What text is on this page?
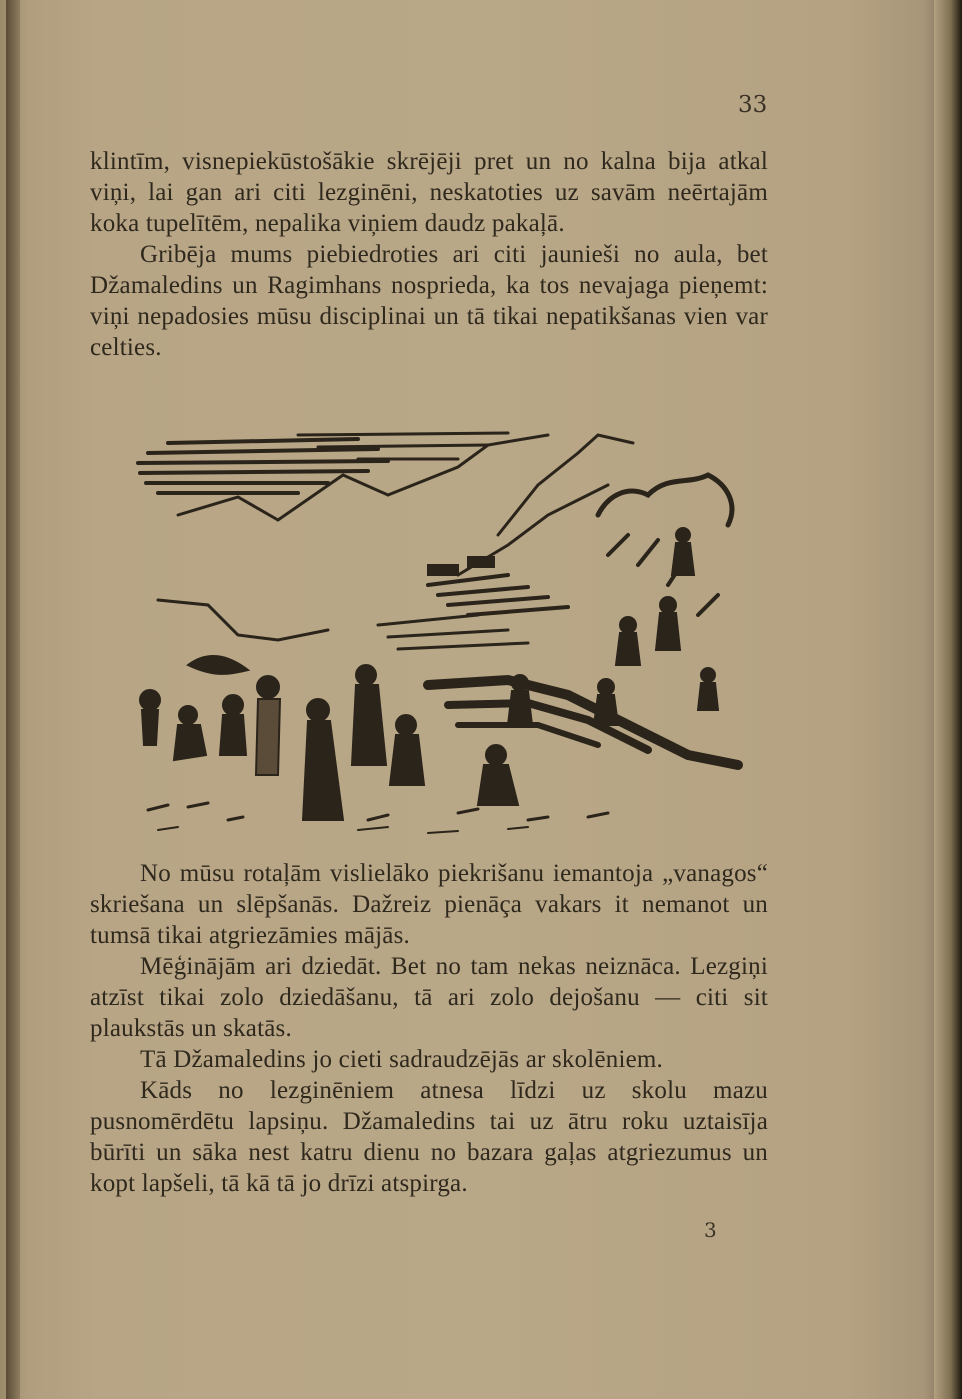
33

klintīm, visnepiekūstošākie skrējēji pret un no kalna bija atkal viņi, lai gan ari citi lezginēni, neskatoties uz savām neērtajām koka tupelītēm, nepalika viņiem daudz pakaļā.

Gribēja mums piebiedroties ari citi jaunieši no aula, bet Džamaledins un Ragimhans nosprieda, ka tos nevajaga pieņemt: viņi nepadosies mūsu disciplinai un tā tikai nepatikšanas vien var celties.

No mūsu rotaļām vislielāko piekrišanu iemantoja „vanagos“ skriešana un slēpšanās. Dažreiz pienāça vakars it nemanot un tumsā tikai atgriezāmies mājās.

Mēģinājām ari dziedāt. Bet no tam nekas neiznāca. Lezgiņi atzīst tikai zolo dziedāšanu, tā ari zolo dejošanu — citi sit plaukstās un skatās.

Tā Džamaledins jo cieti sadraudzējās ar skolēniem.

Kāds no lezginēniem atnesa līdzi uz skolu mazu pusnomērdētu lapsiņu. Džamaledins tai uz ātru roku uztaisīja būrīti un sāka nest katru dienu no bazara gaļas atgriezumus un kopt lapšeli, tā kā tā jo drīzi atspirga.

3
